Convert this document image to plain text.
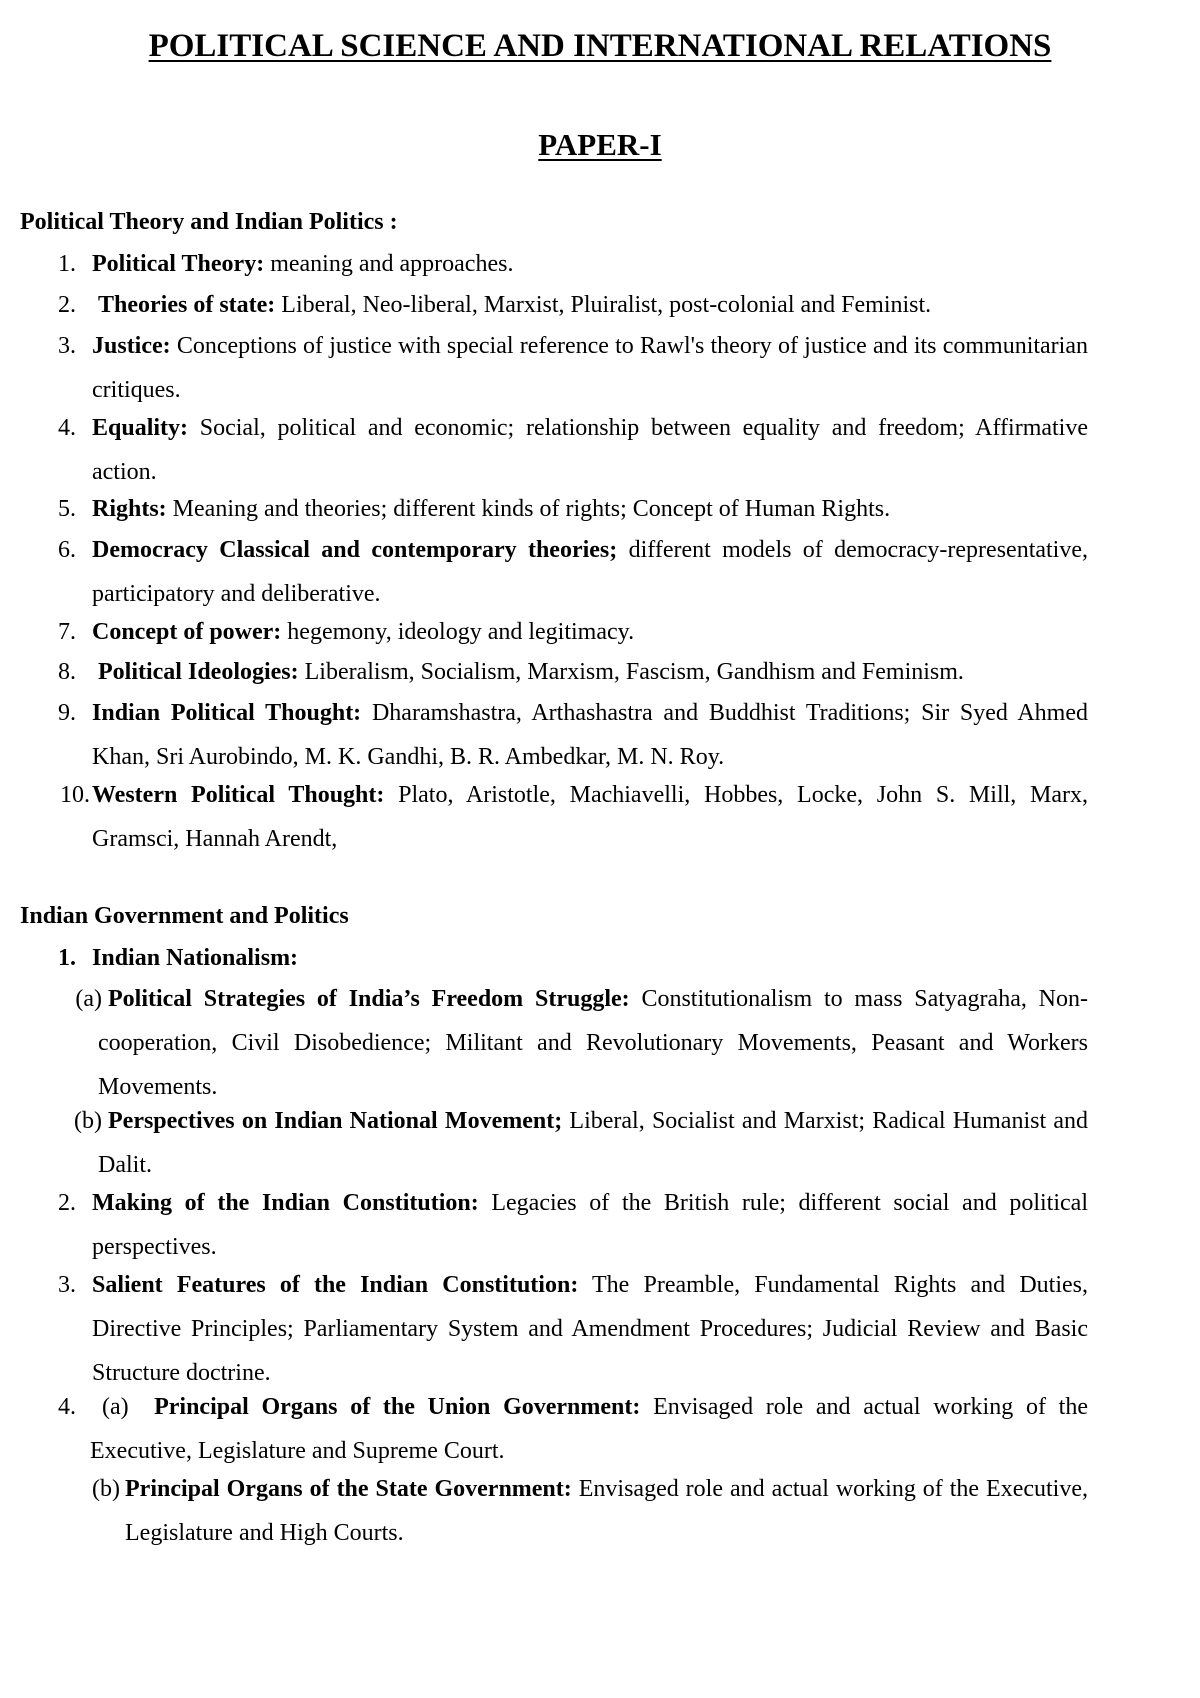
POLITICAL SCIENCE AND INTERNATIONAL RELATIONS
PAPER-I
Political Theory and Indian Politics :
1. Political Theory: meaning and approaches.
2. Theories of state: Liberal, Neo-liberal, Marxist, Pluiralist, post-colonial and Feminist.
3. Justice: Conceptions of justice with special reference to Rawl's theory of justice and its communitarian critiques.
4. Equality: Social, political and economic; relationship between equality and freedom; Affirmative action.
5. Rights: Meaning and theories; different kinds of rights; Concept of Human Rights.
6. Democracy Classical and contemporary theories; different models of democracy-representative, participatory and deliberative.
7. Concept of power: hegemony, ideology and legitimacy.
8. Political Ideologies: Liberalism, Socialism, Marxism, Fascism, Gandhism and Feminism.
9. Indian Political Thought: Dharamshastra, Arthashastra and Buddhist Traditions; Sir Syed Ahmed Khan, Sri Aurobindo, M. K. Gandhi, B. R. Ambedkar, M. N. Roy.
10. Western Political Thought: Plato, Aristotle, Machiavelli, Hobbes, Locke, John S. Mill, Marx, Gramsci, Hannah Arendt,
Indian Government and Politics
1. Indian Nationalism:
(a) Political Strategies of India’s Freedom Struggle: Constitutionalism to mass Satyagraha, Non-cooperation, Civil Disobedience; Militant and Revolutionary Movements, Peasant and Workers Movements.
(b) Perspectives on Indian National Movement; Liberal, Socialist and Marxist; Radical Humanist and Dalit.
2. Making of the Indian Constitution: Legacies of the British rule; different social and political perspectives.
3. Salient Features of the Indian Constitution: The Preamble, Fundamental Rights and Duties, Directive Principles; Parliamentary System and Amendment Procedures; Judicial Review and Basic Structure doctrine.
4.	(a) Principal Organs of the Union Government: Envisaged role and actual working of the Executive, Legislature and Supreme Court.
(b) Principal Organs of the State Government: Envisaged role and actual working of the Executive, Legislature and High Courts.
